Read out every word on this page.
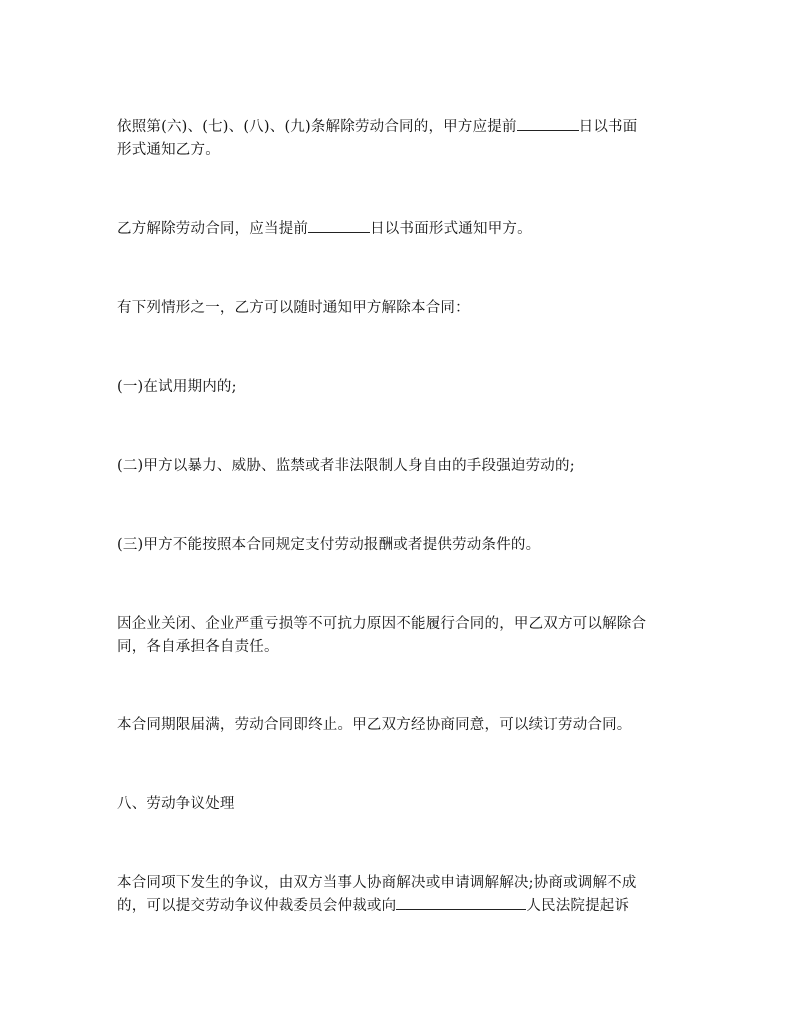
依照第(六)、(七)、(八)、(九)条解除劳动合同的，甲方应提前	日以书面
形式通知乙方。

乙方解除劳动合同，应当提前	日以书面形式通知甲方。

有下列情形之一，乙方可以随时通知甲方解除本合同：

(一)在试用期内的;

(二)甲方以暴力、威胁、监禁或者非法限制人身自由的手段强迫劳动的;

(三)甲方不能按照本合同规定支付劳动报酬或者提供劳动条件的。

因企业关闭、企业严重亏损等不可抗力原因不能履行合同的，甲乙双方可以解除合
同，各自承担各自责任。

本合同期限届满，劳动合同即终止。甲乙双方经协商同意，可以续订劳动合同。

八、劳动争议处理

本合同项下发生的争议，由双方当事人协商解决或申请调解解决;协商或调解不成
的，可以提交劳动争议仲裁委员会仲裁或向	人民法院提起诉
